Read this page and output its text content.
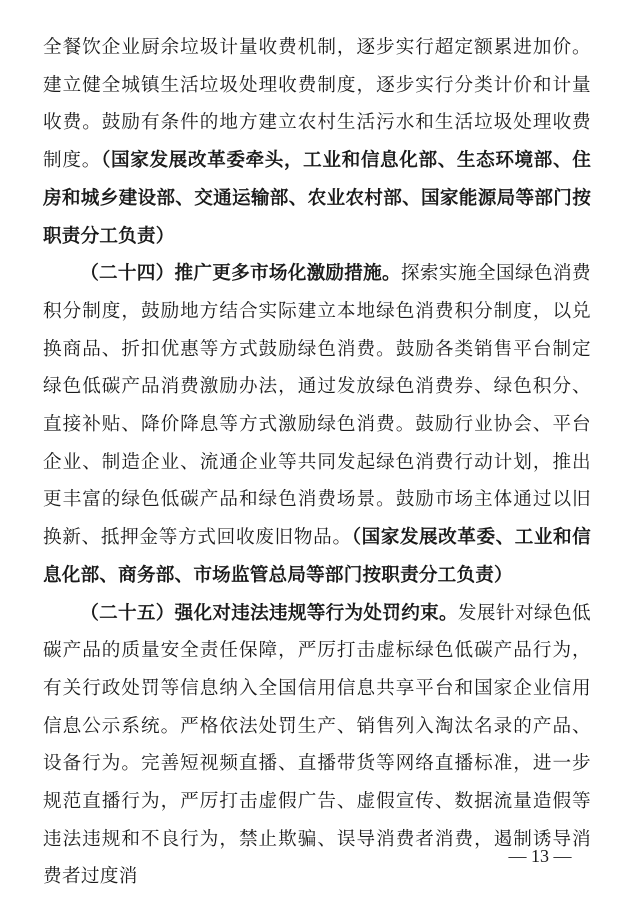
全餐饮企业厨余垃圾计量收费机制，逐步实行超定额累进加价。建立健全城镇生活垃圾处理收费制度，逐步实行分类计价和计量收费。鼓励有条件的地方建立农村生活污水和生活垃圾处理收费制度。（国家发展改革委牵头，工业和信息化部、生态环境部、住房和城乡建设部、交通运输部、农业农村部、国家能源局等部门按职责分工负责）

（二十四）推广更多市场化激励措施。探索实施全国绿色消费积分制度，鼓励地方结合实际建立本地绿色消费积分制度，以兑换商品、折扣优惠等方式鼓励绿色消费。鼓励各类销售平台制定绿色低碳产品消费激励办法，通过发放绿色消费券、绿色积分、直接补贴、降价降息等方式激励绿色消费。鼓励行业协会、平台企业、制造企业、流通企业等共同发起绿色消费行动计划，推出更丰富的绿色低碳产品和绿色消费场景。鼓励市场主体通过以旧换新、抵押金等方式回收废旧物品。（国家发展改革委、工业和信息化部、商务部、市场监管总局等部门按职责分工负责）

（二十五）强化对违法违规等行为处罚约束。发展针对绿色低碳产品的质量安全责任保障，严厉打击虚标绿色低碳产品行为，有关行政处罚等信息纳入全国信用信息共享平台和国家企业信用信息公示系统。严格依法处罚生产、销售列入淘汰名录的产品、设备行为。完善短视频直播、直播带货等网络直播标准，进一步规范直播行为，严厉打击虚假广告、虚假宣传、数据流量造假等违法违规和不良行为，禁止欺骗、误导消费者消费，遏制诱导消费者过度消

— 13 —
